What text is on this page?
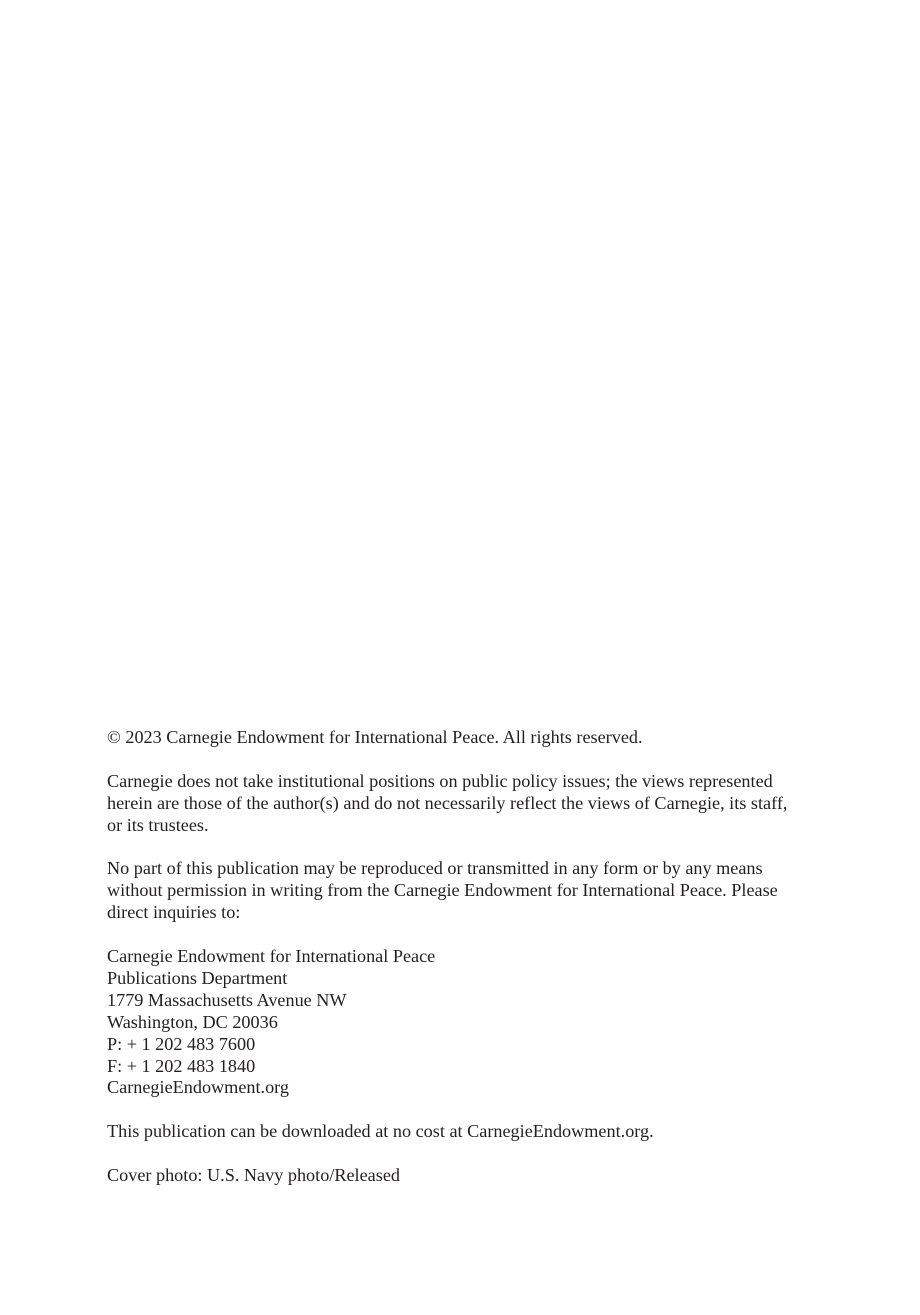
© 2023 Carnegie Endowment for International Peace. All rights reserved.

Carnegie does not take institutional positions on public policy issues; the views represented
herein are those of the author(s) and do not necessarily reflect the views of Carnegie, its staff,
or its trustees.

No part of this publication may be reproduced or transmitted in any form or by any means
without permission in writing from the Carnegie Endowment for International Peace. Please
direct inquiries to:

Carnegie Endowment for International Peace
Publications Department
1779 Massachusetts Avenue NW
Washington, DC 20036
P: + 1 202 483 7600
F: + 1 202 483 1840
CarnegieEndowment.org

This publication can be downloaded at no cost at CarnegieEndowment.org.

Cover photo: U.S. Navy photo/Released
